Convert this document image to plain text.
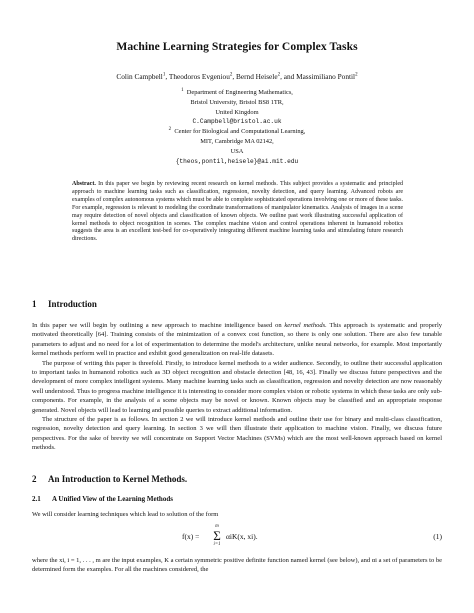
Machine Learning Strategies for Complex Tasks
Colin Campbell$^1$, Theodoros Evgeniou$^2$, Bernd Heisele$^2$, and Massimiliano Pontil$^2$
$^1$ Department of Engineering Mathematics,
Bristol University, Bristol BS8 1TR,
United Kingdom
C.Campbell@bristol.ac.uk
$^2$ Center for Biological and Computational Learning,
MIT, Cambridge MA 02142,
USA
{theos,pontil,heisele}@ai.mit.edu
Abstract. In this paper we begin by reviewing recent research on kernel methods. This subject provides a systematic and principled approach to machine learning tasks such as classification, regression, novelty detection, and query learning. Advanced robots are examples of complex autonomous systems which must be able to complete sophisticated operations involving one or more of these tasks. For example, regression is relevant to modeling the coordinate transformations of manipulator kinematics. Analysis of images in a scene may require detection of novel objects and classification of known objects. We outline past work illustrating successful application of kernel methods to object recognition in scenes. The complex machine vision and control operations inherent in humanoid robotics suggests the area is an excellent test-bed for co-operatively integrating different machine learning tasks and stimulating future research directions.
1 Introduction

In this paper we will begin by outlining a new approach to machine intelligence based on kernel methods. This approach is systematic and properly motivated theoretically [64]. Training consists of the minimization of a convex cost function, so there is only one solution. There are also few tunable parameters to adjust and no need for a lot of experimentation to determine the model's architecture, unlike neural networks, for example. Most importantly kernel methods perform well in practice and exhibit good generalization on real-life datasets.

The purpose of writing this paper is threefold. Firstly, to introduce kernel methods to a wider audience. Secondly, to outline their successful application to important tasks in humanoid robotics such as 3D object recognition and obstacle detection [48, 16, 43]. Finally we discuss future perspectives and the development of more complex intelligent systems. Many machine learning tasks such as classification, regression and novelty detection are now reasonably well understood. Thus to progress machine intelligence it is interesting to consider more complex vision or robotic systems in which these tasks are only sub-components. For example, in the analysis of a scene objects may be novel or known. Known objects may be classified and an appropriate response generated. Novel objects will lead to learning and possible queries to extract additional information.

The structure of the paper is as follows. In section 2 we will introduce kernel methods and outline their use for binary and multi-class classification, regression, novelty detection and query learning. In section 3 we will then illustrate their application to machine vision. Finally, we discuss future perspectives. For the sake of brevity we will concentrate on Support Vector Machines (SVMs) which are the most well-known approach based on kernel methods.

2 An Introduction to Kernel Methods.
2.1 A Unified View of the Learning Methods
We will consider learning techniques which lead to solution of the form
f(x) =
m
Σ
i=1
αiK(x, xi).	(1)
where the xi, i = 1, . . . , m are the input examples, K a certain symmetric positive definite function named kernel (see below), and αi a set of parameters to be determined form the examples. For all the machines considered, the
